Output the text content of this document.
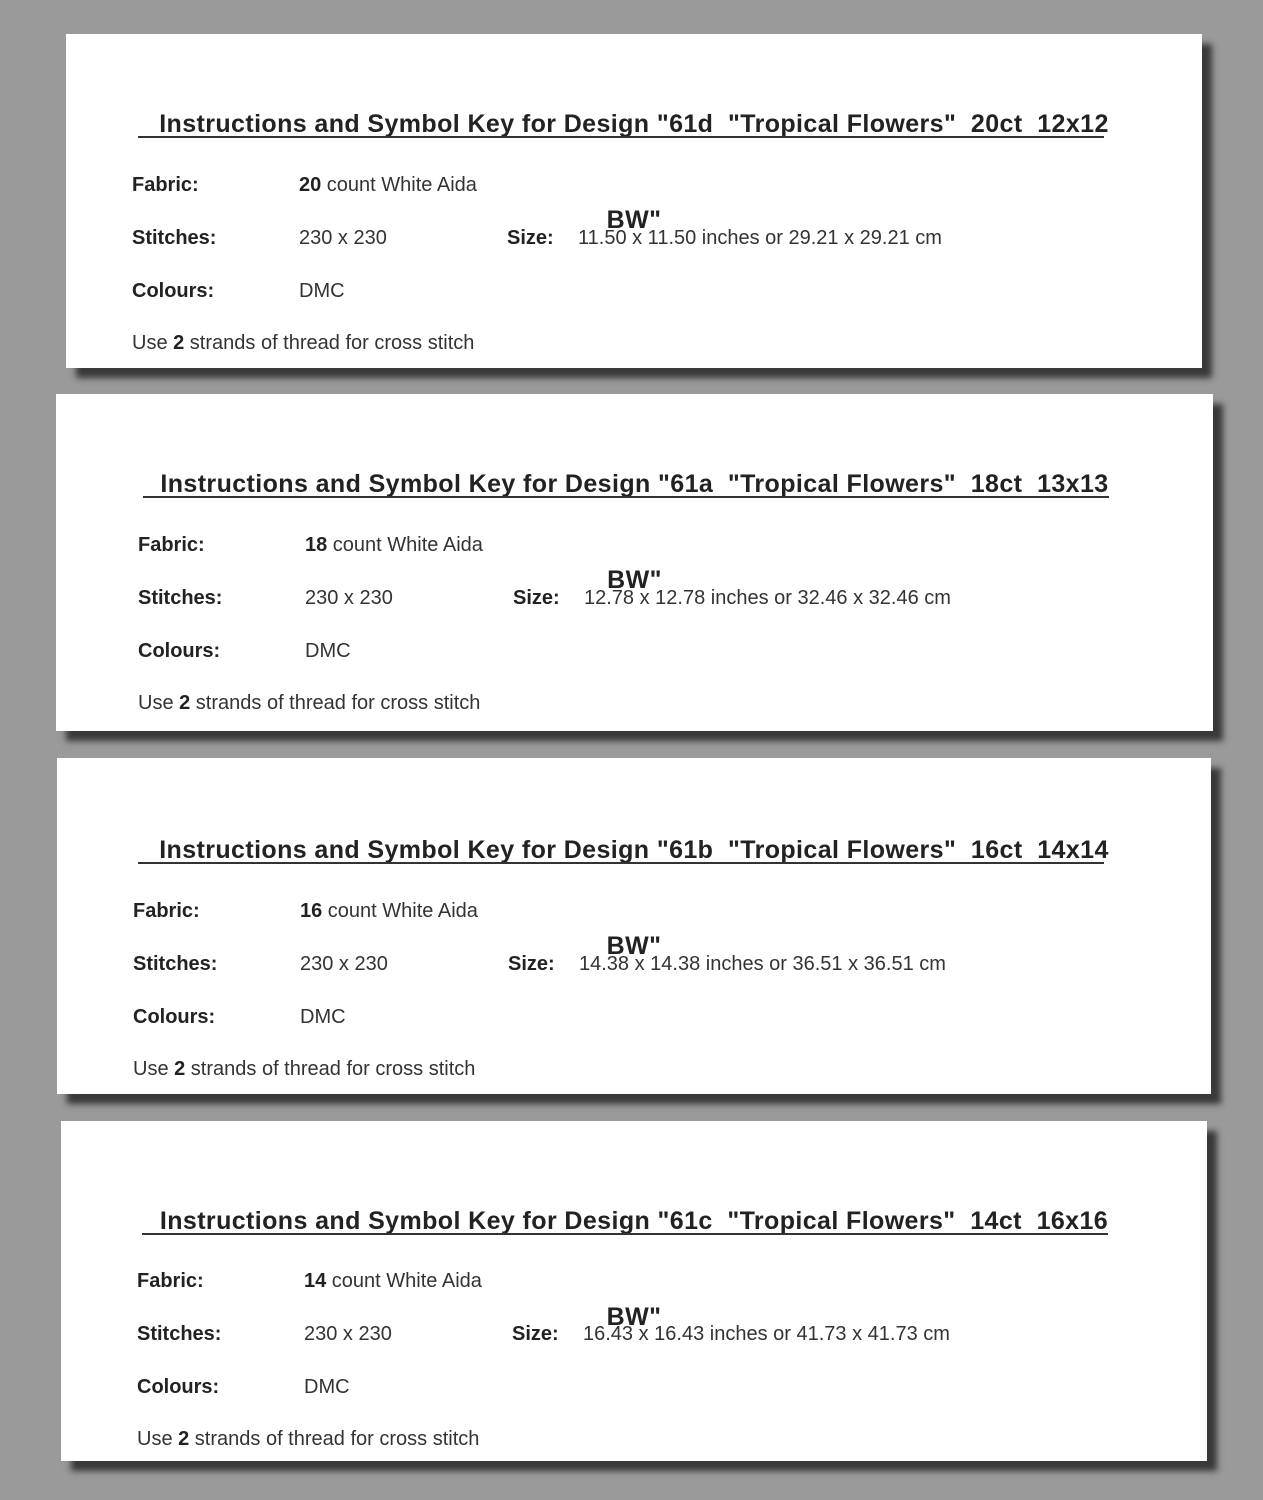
Instructions and Symbol Key for Design "61d  "Tropical Flowers"  20ct  12x12

BW"

Fabric:	20 count White Aida
Stitches:	230 x 230	Size: 11.50 x 11.50 inches or 29.21 x 29.21 cm
Colours:	DMC
Use 2 strands of thread for cross stitch

Instructions and Symbol Key for Design "61a  "Tropical Flowers"  18ct  13x13

BW"

Fabric:	18 count White Aida
Stitches:	230 x 230	Size: 12.78 x 12.78 inches or 32.46 x 32.46 cm
Colours:	DMC
Use 2 strands of thread for cross stitch

Instructions and Symbol Key for Design "61b  "Tropical Flowers"  16ct  14x14

BW"

Fabric:	16 count White Aida
Stitches:	230 x 230	Size: 14.38 x 14.38 inches or 36.51 x 36.51 cm
Colours:	DMC
Use 2 strands of thread for cross stitch

Instructions and Symbol Key for Design "61c  "Tropical Flowers"  14ct  16x16

BW"

Fabric:	14 count White Aida
Stitches:	230 x 230	Size: 16.43 x 16.43 inches or 41.73 x 41.73 cm
Colours:	DMC
Use 2 strands of thread for cross stitch
